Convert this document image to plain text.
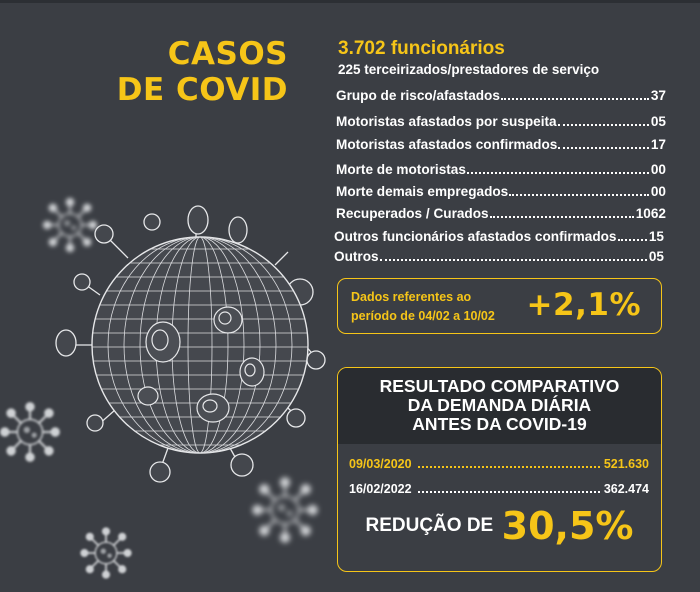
CASOS
DE COVID
3.702 funcionários
225 terceirizados/prestadores de serviço
Grupo de risco/afastados	37
Motoristas afastados por suspeita	05
Motoristas afastados confirmados	17
Morte de motoristas	00
Morte demais empregados	00
Recuperados / Curados	1062
Outros funcionários afastados confirmados 15
Outros	05
Dados referentes ao período de 04/02 a 10/02	+2,1%
RESULTADO COMPARATIVO
DA DEMANDA DIÁRIA
ANTES DA COVID-19
09/03/2020	521.630
16/02/2022	362.474
REDUÇÃO DE 30,5%
